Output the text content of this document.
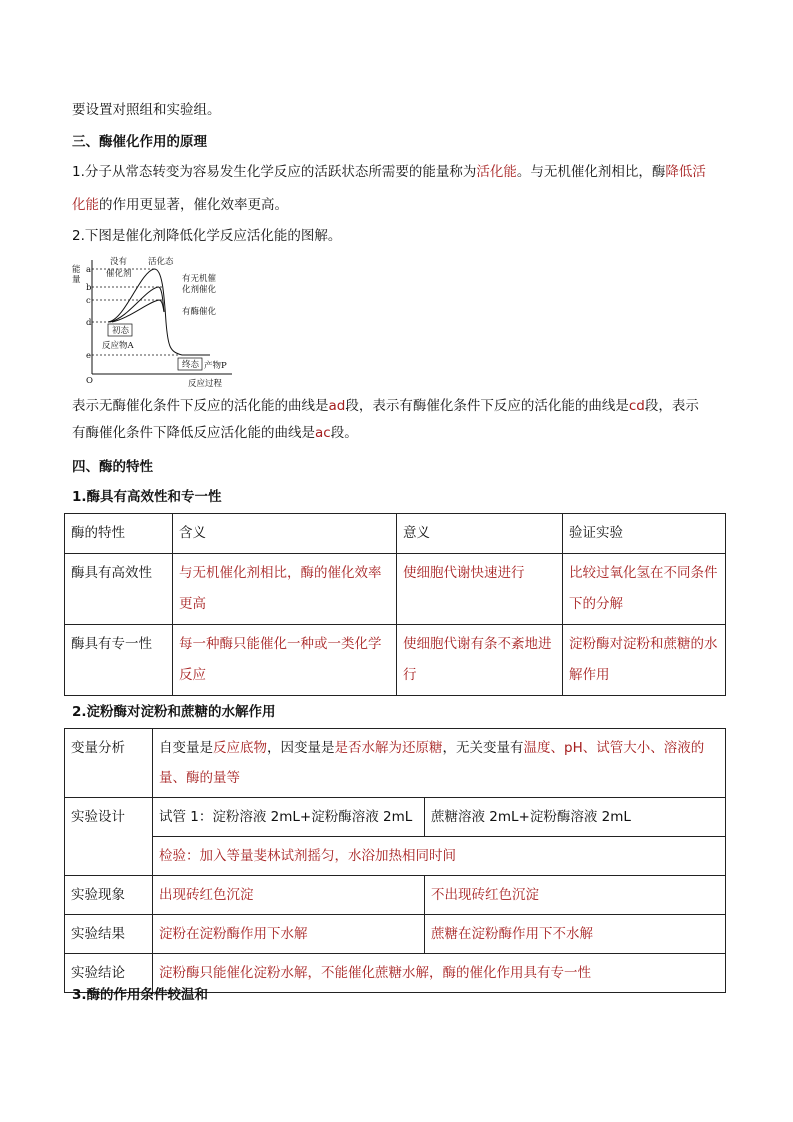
要设置对照组和实验组。
三、酶催化作用的原理
1.分子从常态转变为容易发生化学反应的活跃状态所需要的能量称为活化能。与无机催化剂相比，酶降低活
化能的作用更显著，催化效率更高。
2.下图是催化剂降低化学反应活化能的图解。
能
量
a
b
c
d
e
没有
催化剂
活化态
有无机催
化剂催化
有酶催化
初态
反应物A
终态 产物P
O	反应过程
表示无酶催化条件下反应的活化能的曲线是ad段，表示有酶催化条件下反应的活化能的曲线是cd段，表示
有酶催化条件下降低反应活化能的曲线是ac段。
四、酶的特性
1.酶具有高效性和专一性
酶的特性	含义	意义	验证实验
酶具有高效性	与无机催化剂相比，酶的催化效率更高	使细胞代谢快速进行	比较过氧化氢在不同条件下的分解
酶具有专一性	每一种酶只能催化一种或一类化学反应	使细胞代谢有条不紊地进行	淀粉酶对淀粉和蔗糖的水解作用
2.淀粉酶对淀粉和蔗糖的水解作用
变量分析	自变量是反应底物，因变量是是否水解为还原糖，无关变量有温度、pH、试管大小、溶液的量、酶的量等	
实验设计	试管 1：淀粉溶液 2mL+淀粉酶溶液 2mL	蔗糖溶液 2mL+淀粉酶溶液 2mL
	检验：加入等量斐林试剂摇匀，水浴加热相同时间	
实验现象	出现砖红色沉淀	不出现砖红色沉淀
实验结果	淀粉在淀粉酶作用下水解	蔗糖在淀粉酶作用下不水解
实验结论	淀粉酶只能催化淀粉水解，不能催化蔗糖水解，酶的催化作用具有专一性	
3.酶的作用条件较温和
